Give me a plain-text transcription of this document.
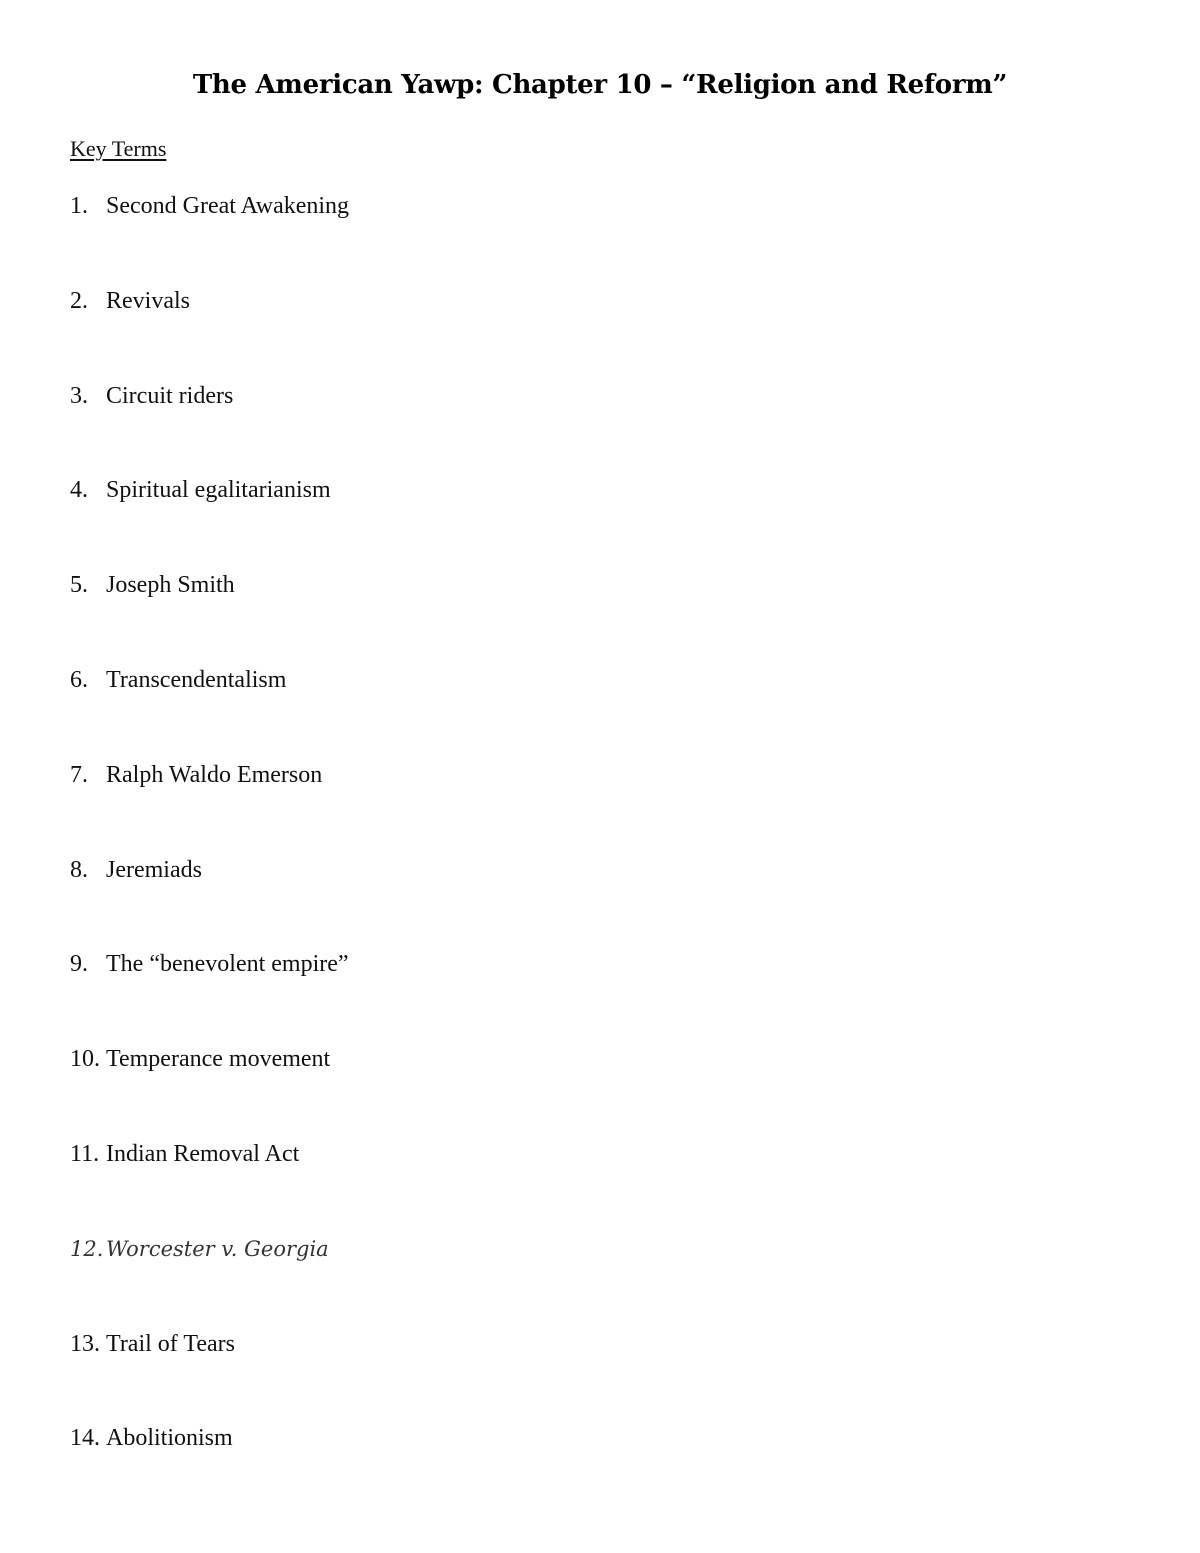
The American Yawp: Chapter 10 – “Religion and Reform”

Key Terms

1. Second Great Awakening
2. Revivals
3. Circuit riders
4. Spiritual egalitarianism
5. Joseph Smith
6. Transcendentalism
7. Ralph Waldo Emerson
8. Jeremiads
9. The “benevolent empire”
10. Temperance movement
11. Indian Removal Act
12. Worcester v. Georgia
13. Trail of Tears
14. Abolitionism
